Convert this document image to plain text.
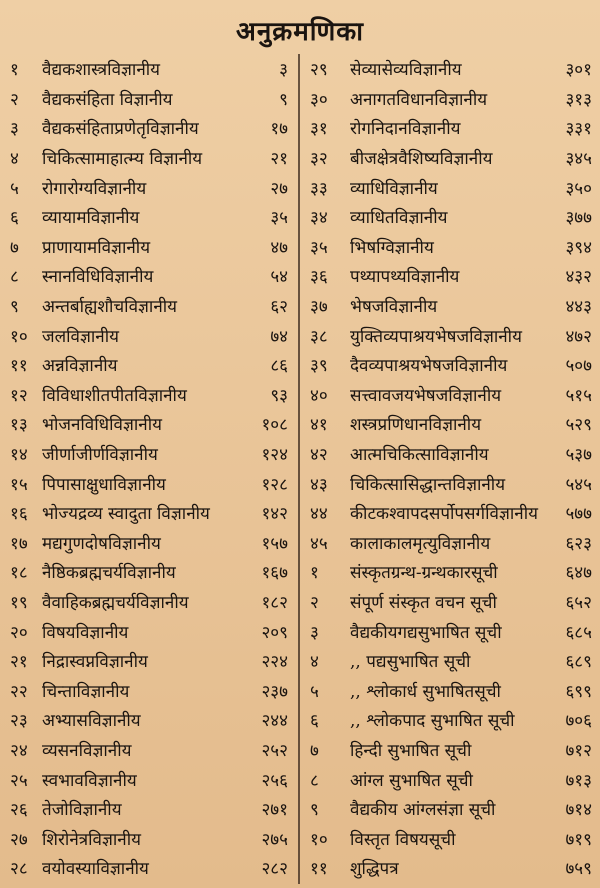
अनुक्रमणिका
१	वैद्यकशास्त्रविज्ञानीय	३
२	वैद्यकसंहिता विज्ञानीय	९
३	वैद्यकसंहिताप्रणेतृविज्ञानीय	१७
४	चिकित्सामाहात्म्य विज्ञानीय	२१
५	रोगारोग्यविज्ञानीय	२७
६	व्यायामविज्ञानीय	३५
७	प्राणायामविज्ञानीय	४७
८	स्नानविधिविज्ञानीय	५४
९	अन्तर्बाह्यशौचविज्ञानीय	६२
१० जलविज्ञानीय	७४
११ अन्नविज्ञानीय	८६
१२ विविधाशीतपीतविज्ञानीय	९३
१३ भोजनविधिविज्ञानीय	१०८
१४ जीर्णाजीर्णविज्ञानीय	१२४
१५ पिपासाक्षुधाविज्ञानीय	१२८
१६ भोज्यद्रव्य स्वादुता विज्ञानीय	१४२
१७ मद्यगुणदोषविज्ञानीय	१५७
१८ नैष्ठिकब्रह्मचर्यविज्ञानीय	१६७
१९ वैवाहिकब्रह्मचर्यविज्ञानीय	१८२
२० विषयविज्ञानीय	२०९
२१ निद्रास्वप्नविज्ञानीय	२२४
२२ चिन्ताविज्ञानीय	२३७
२३ अभ्यासविज्ञानीय	२४४
२४ व्यसनविज्ञानीय	२५२
२५ स्वभावविज्ञानीय	२५६
२६ तेजोविज्ञानीय	२७१
२७ शिरोनेत्रविज्ञानीय	२७५
२८ वयोवस्याविज्ञानीय	२८२
२९	सेव्यासेव्यविज्ञानीय	३०१
३०	अनागतविधानविज्ञानीय	३१३
३१	रोगनिदानविज्ञानीय	३३१
३२	बीजक्षेत्रवैशिष्यविज्ञानीय	३४५
३३	व्याधिविज्ञानीय	३५०
३४	व्याधितविज्ञानीय	३७७
३५	भिषग्विज्ञानीय	३९४
३६	पथ्यापथ्यविज्ञानीय	४३२
३७	भेषजविज्ञानीय	४४३
३८	युक्तिव्यपाश्रयभेषजविज्ञानीय	४७२
३९	दैवव्यपाश्रयभेषजविज्ञानीय	५०७
४०	सत्त्वावजयभेषजविज्ञानीय	५१५
४१	शस्त्रप्रणिधानविज्ञानीय	५२९
४२	आत्मचिकित्साविज्ञानीय	५३७
४३	चिकित्सासिद्धान्तविज्ञानीय	५४५
४४	कीटकश्वापदसर्पोपसर्गविज्ञानीय	५७७
४५	कालाकालमृत्युविज्ञानीय	६२३
१	संस्कृतग्रन्थ-ग्रन्थकारसूची	६४७
२	संपूर्ण संस्कृत वचन सूची	६५२
३	वैद्यकीयगद्यसुभाषित सूची	६८५
४	,, पद्यसुभाषित सूची	६८९
५	,, श्लोकार्ध सुभाषितसूची	६९९
६	,, श्लोकपाद सुभाषित सूची	७०६
७	हिन्दी सुभाषित सूची	७१२
८	आंग्ल सुभाषित सूची	७१३
९	वैद्यकीय आंग्लसंज्ञा सूची	७१४
१०	विस्तृत विषयसूची	७१९
११	शुद्धिपत्र	७५९
